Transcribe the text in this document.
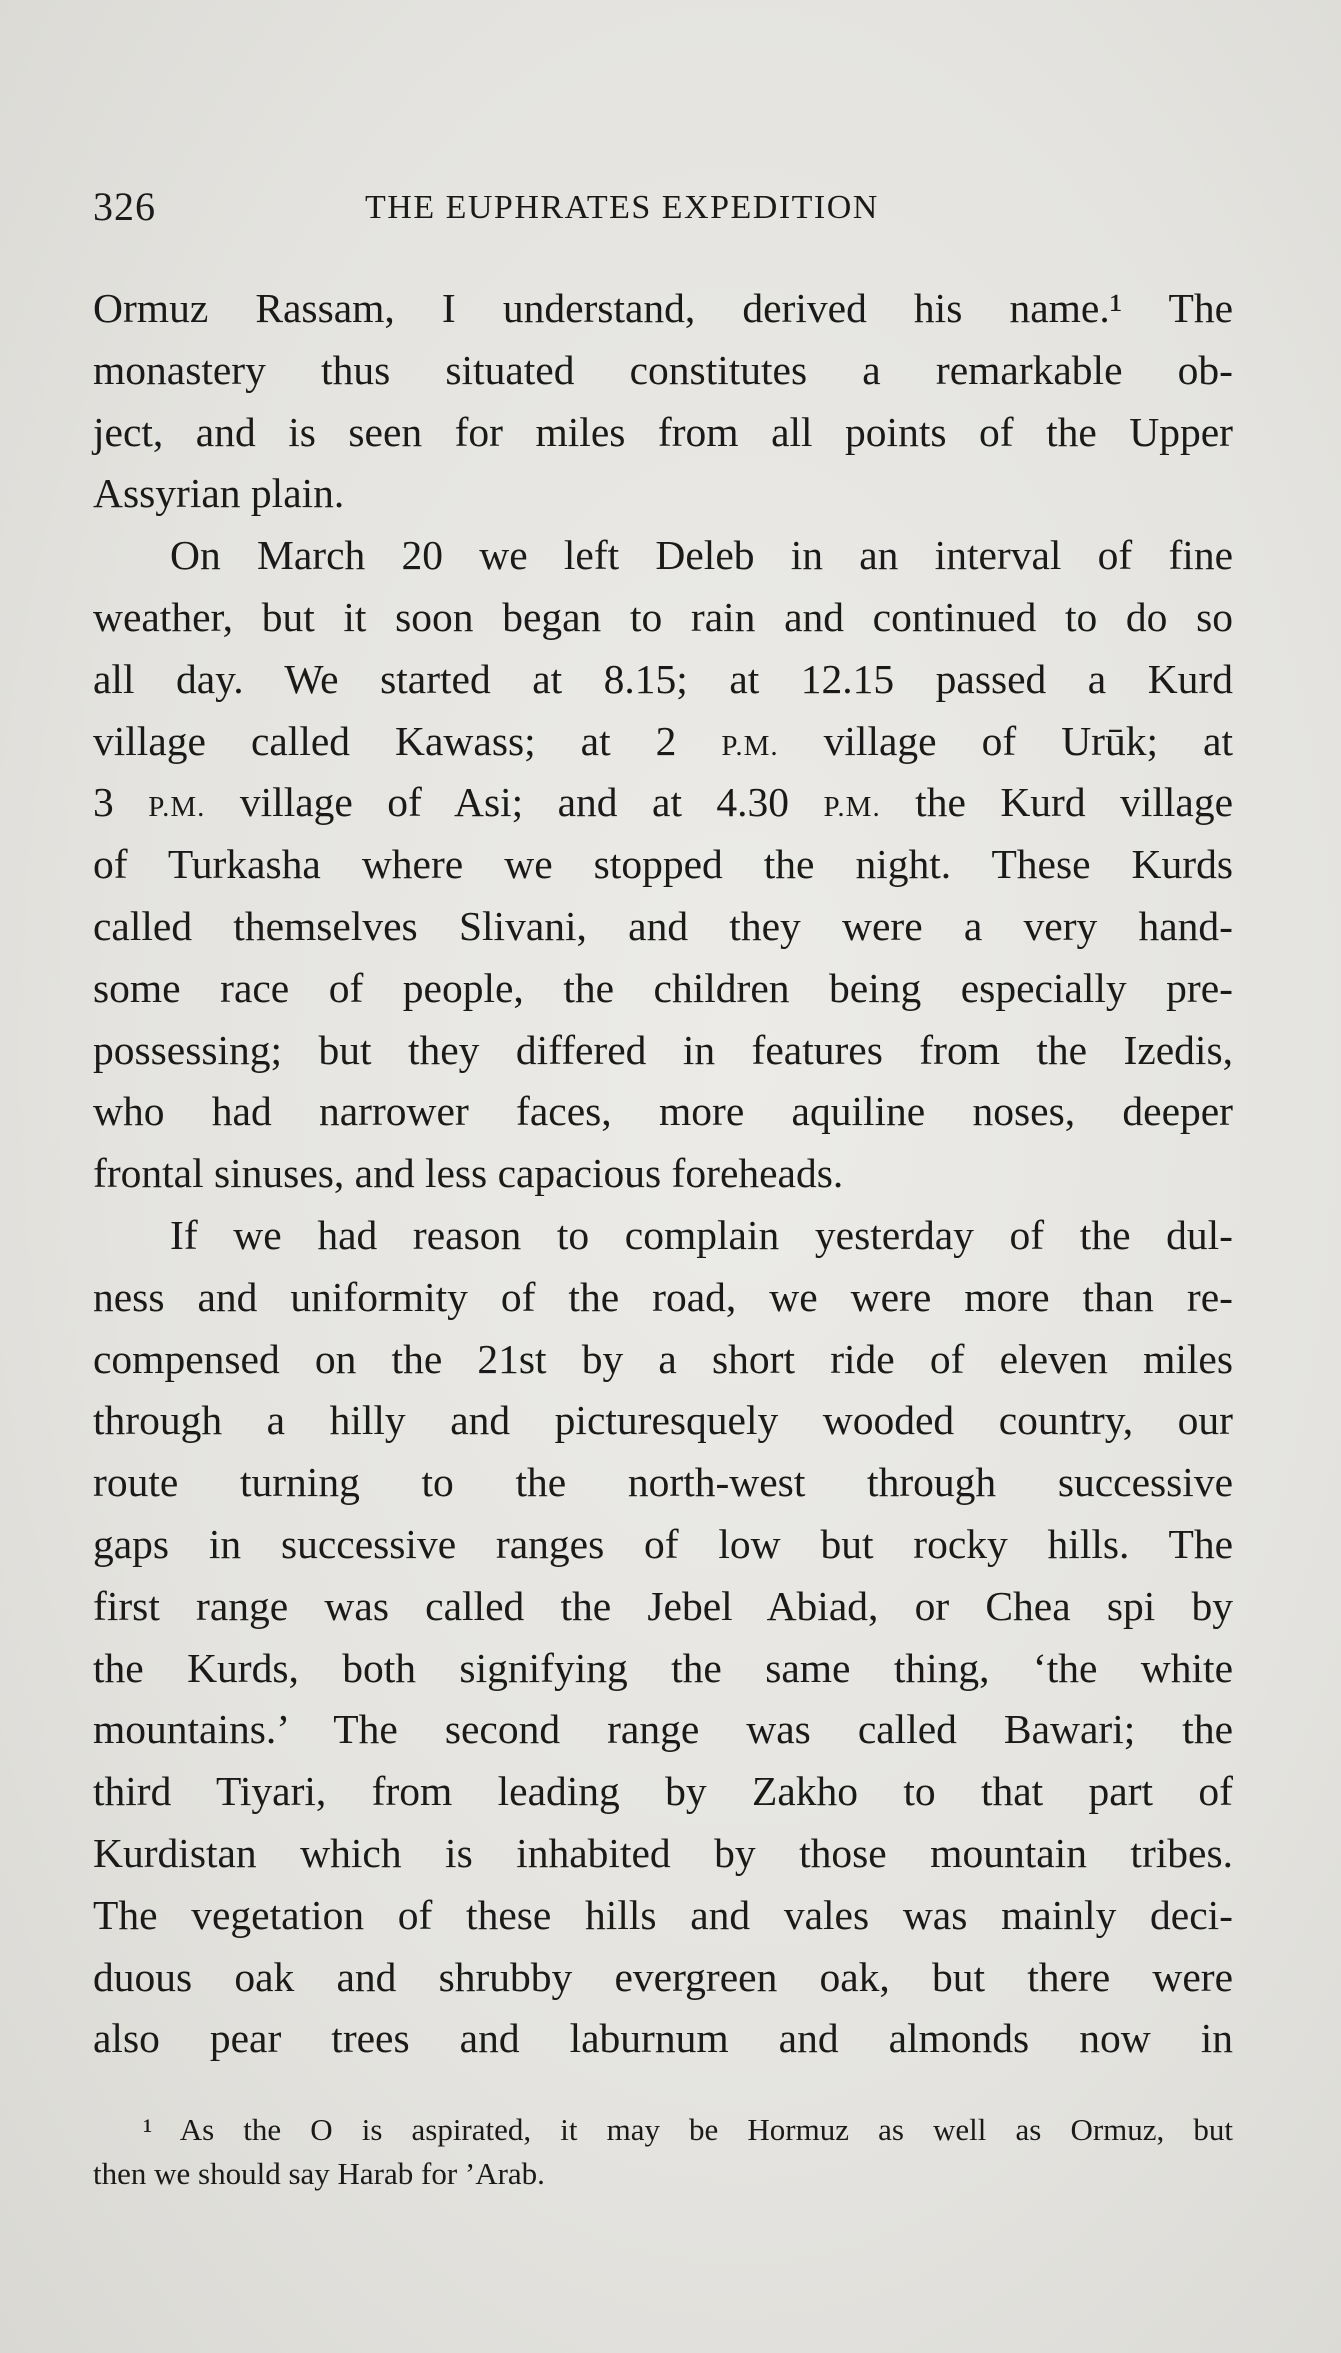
326	THE EUPHRATES EXPEDITION
Ormuz Rassam, I understand, derived his name.¹ The
monastery thus situated constitutes a remarkable ob-
ject, and is seen for miles from all points of the Upper
Assyrian plain.
On March 20 we left Deleb in an interval of fine
weather, but it soon began to rain and continued to do so
all day. We started at 8.15; at 12.15 passed a Kurd
village called Kawass; at 2 P.M. village of Urūk; at
3 P.M. village of Asi; and at 4.30 P.M. the Kurd village
of Turkasha where we stopped the night. These Kurds
called themselves Slivani, and they were a very hand-
some race of people, the children being especially pre-
possessing; but they differed in features from the Izedis,
who had narrower faces, more aquiline noses, deeper
frontal sinuses, and less capacious foreheads.
If we had reason to complain yesterday of the dul-
ness and uniformity of the road, we were more than re-
compensed on the 21st by a short ride of eleven miles
through a hilly and picturesquely wooded country, our
route turning to the north-west through successive
gaps in successive ranges of low but rocky hills. The
first range was called the Jebel Abiad, or Chea spi by
the Kurds, both signifying the same thing, ‘the white
mountains.’ The second range was called Bawari; the
third Tiyari, from leading by Zakho to that part of
Kurdistan which is inhabited by those mountain tribes.
The vegetation of these hills and vales was mainly deci-
duous oak and shrubby evergreen oak, but there were
also pear trees and laburnum and almonds now in
¹ As the O is aspirated, it may be Hormuz as well as Ormuz, but
then we should say Harab for ’Arab.
